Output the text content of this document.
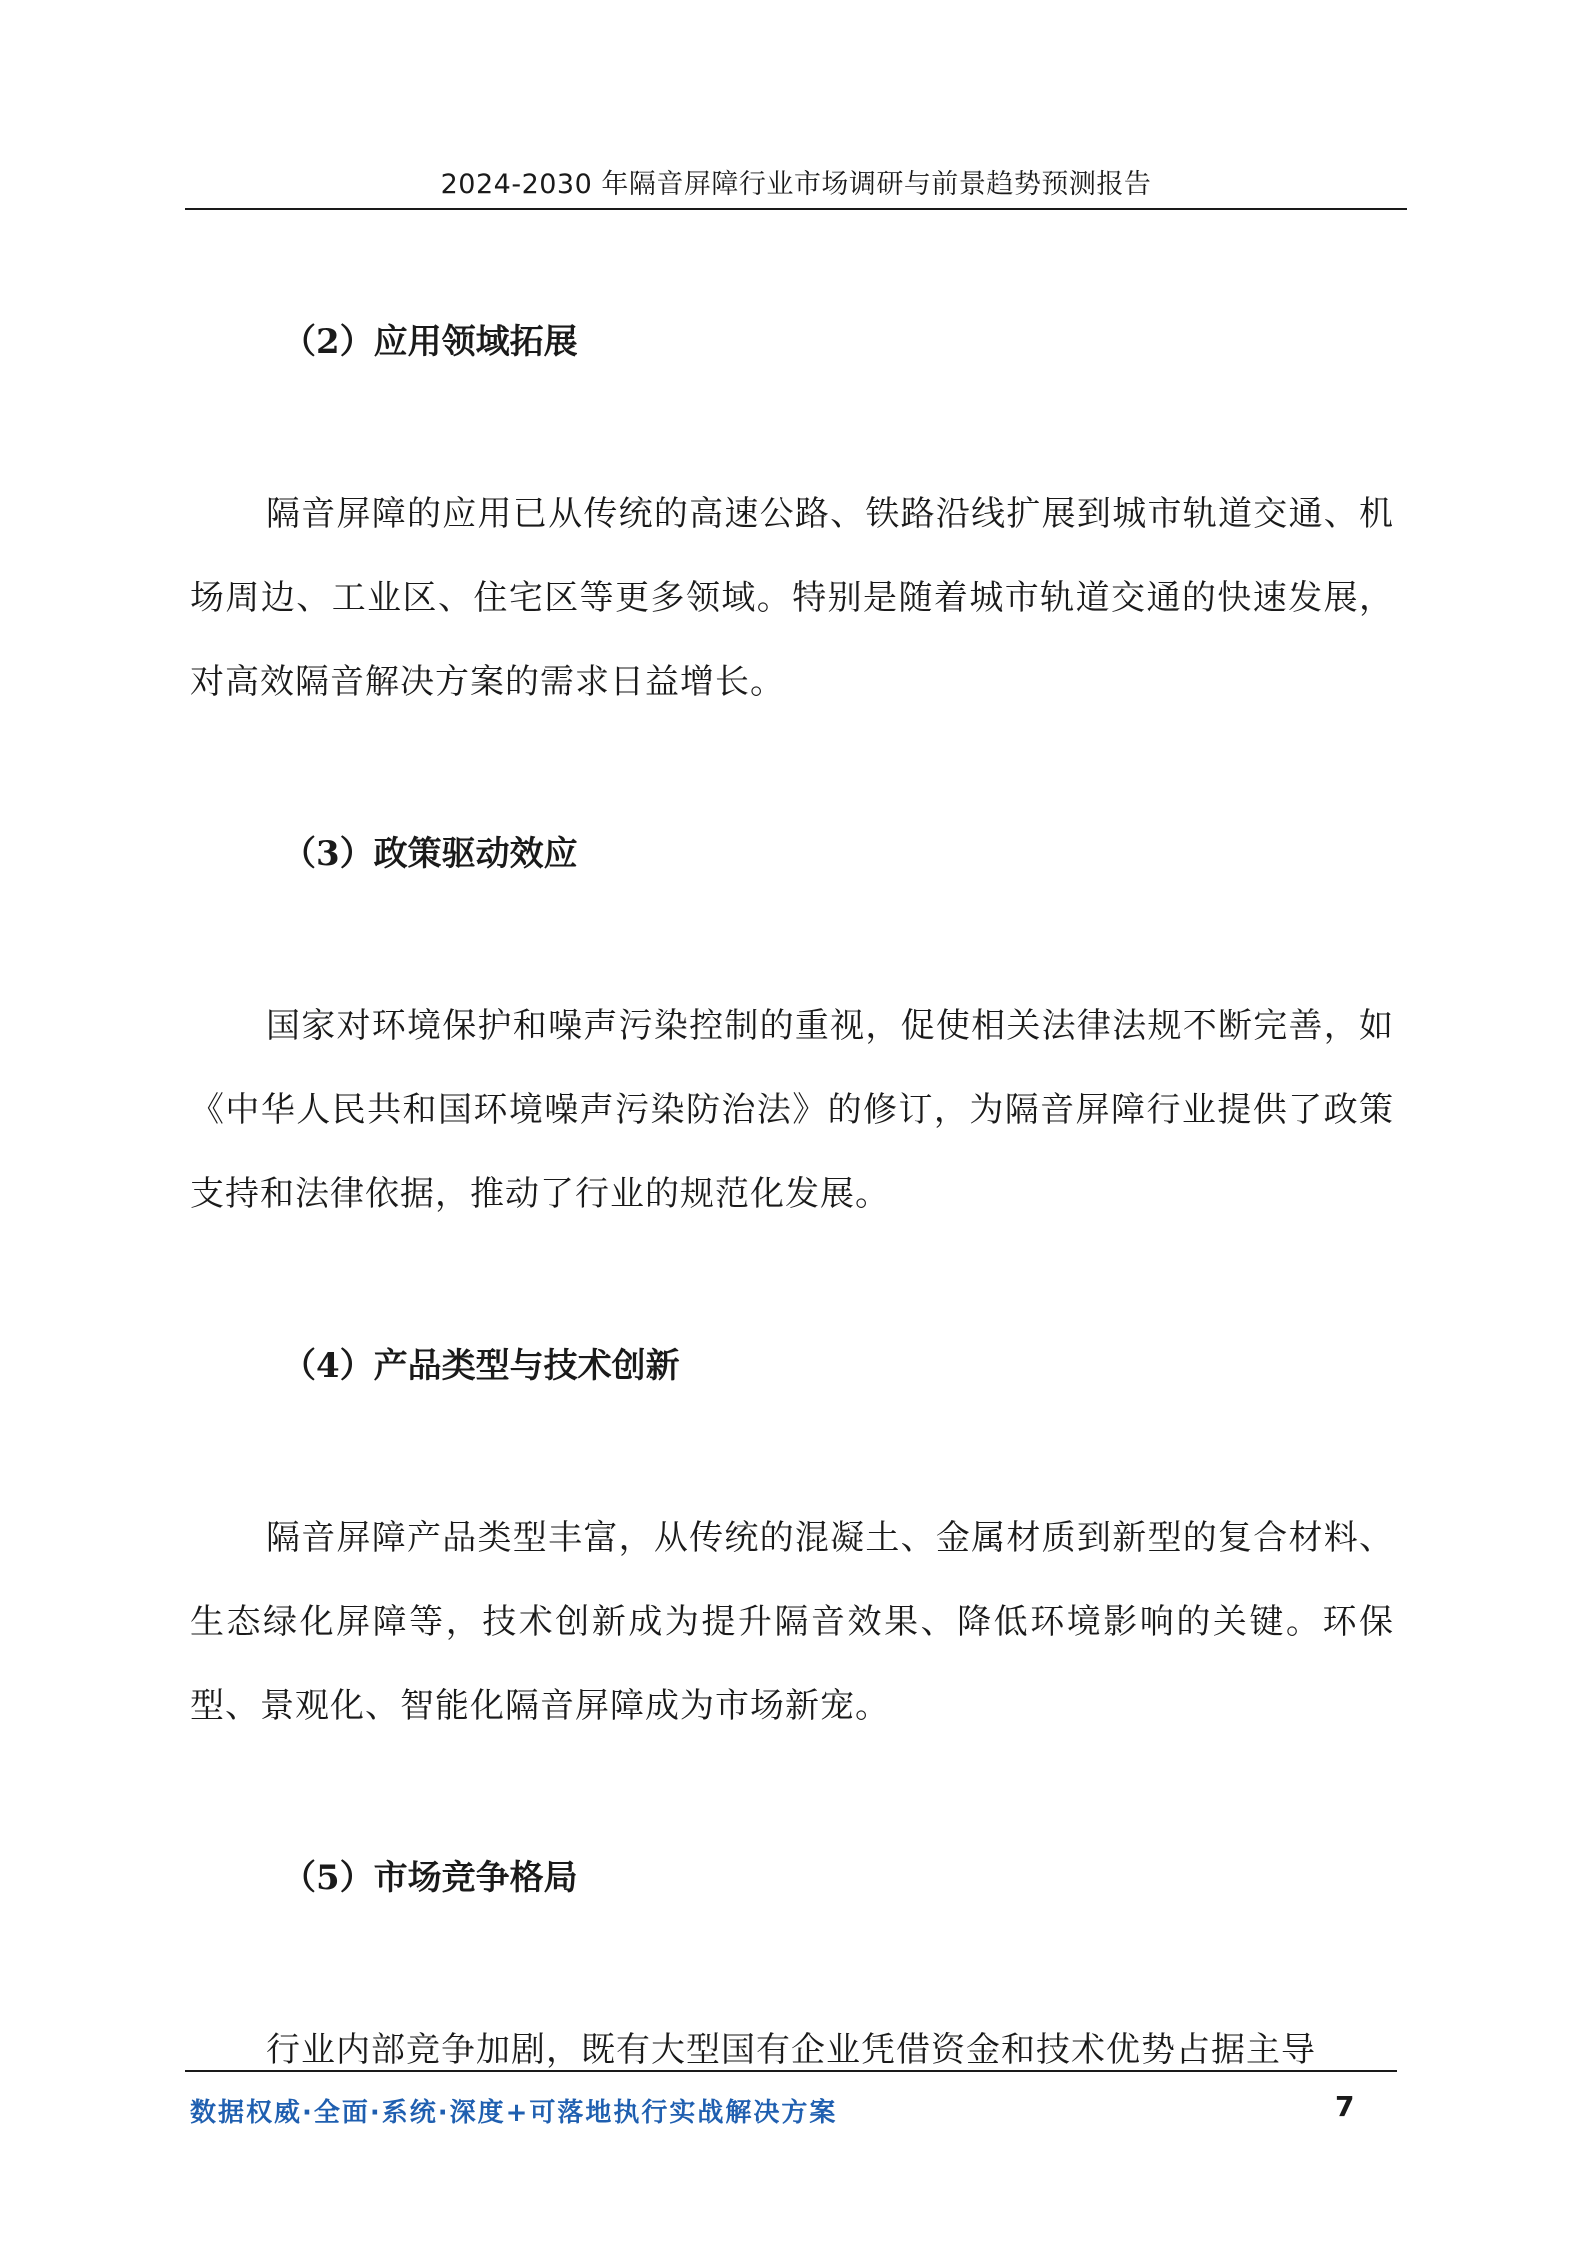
2024-2030 年隔音屏障行业市场调研与前景趋势预测报告
（2）应用领域拓展

隔音屏障的应用已从传统的高速公路、铁路沿线扩展到城市轨道交通、机场周边、工业区、住宅区等更多领域。特别是随着城市轨道交通的快速发展，对高效隔音解决方案的需求日益增长。

（3）政策驱动效应

国家对环境保护和噪声污染控制的重视，促使相关法律法规不断完善，如《中华人民共和国环境噪声污染防治法》的修订，为隔音屏障行业提供了政策支持和法律依据，推动了行业的规范化发展。

（4）产品类型与技术创新

隔音屏障产品类型丰富，从传统的混凝土、金属材质到新型的复合材料、生态绿化屏障等，技术创新成为提升隔音效果、降低环境影响的关键。环保型、景观化、智能化隔音屏障成为市场新宠。

（5）市场竞争格局

行业内部竞争加剧，既有大型国有企业凭借资金和技术优势占据主导

数据权威·全面·系统·深度+可落地执行实战解决方案	7
